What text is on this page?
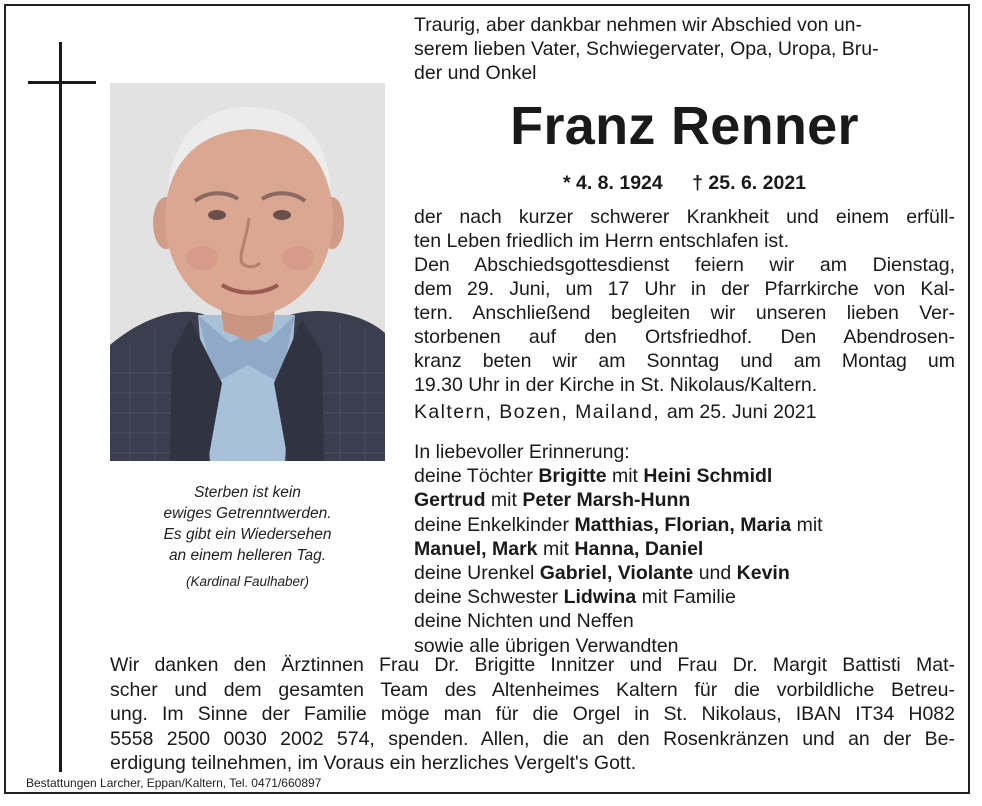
Sterben ist kein
ewiges Getrenntwerden.
Es gibt ein Wiedersehen
an einem helleren Tag.
(Kardinal Faulhaber)
Traurig, aber dankbar nehmen wir Abschied von un-
serem lieben Vater, Schwiegervater, Opa, Uropa, Bru-
der und Onkel
Franz Renner
* 4. 8. 1924 † 25. 6. 2021
der nach kurzer schwerer Krankheit und einem erfüll-
ten Leben friedlich im Herrn entschlafen ist.
Den Abschiedsgottesdienst feiern wir am Dienstag,
dem 29. Juni, um 17 Uhr in der Pfarrkirche von Kal-
tern. Anschließend begleiten wir unseren lieben Ver-
storbenen auf den Ortsfriedhof. Den Abendrosen-
kranz beten wir am Sonntag und am Montag um
19.30 Uhr in der Kirche in St. Nikolaus/Kaltern.
Kaltern, Bozen, Mailand, am 25. Juni 2021
In liebevoller Erinnerung:
deine Töchter Brigitte mit Heini Schmidl
Gertrud mit Peter Marsh-Hunn
deine Enkelkinder Matthias, Florian, Maria mit
Manuel, Mark mit Hanna, Daniel
deine Urenkel Gabriel, Violante und Kevin
deine Schwester Lidwina mit Familie
deine Nichten und Neffen
sowie alle übrigen Verwandten
Wir danken den Ärztinnen Frau Dr. Brigitte Innitzer und Frau Dr. Margit Battisti Mat-
scher und dem gesamten Team des Altenheimes Kaltern für die vorbildliche Betreu-
ung. Im Sinne der Familie möge man für die Orgel in St. Nikolaus, IBAN IT34 H082
5558 2500 0030 2002 574, spenden. Allen, die an den Rosenkränzen und an der Be-
erdigung teilnehmen, im Voraus ein herzliches Vergelt's Gott.
Bestattungen Larcher, Eppan/Kaltern, Tel. 0471/660897
